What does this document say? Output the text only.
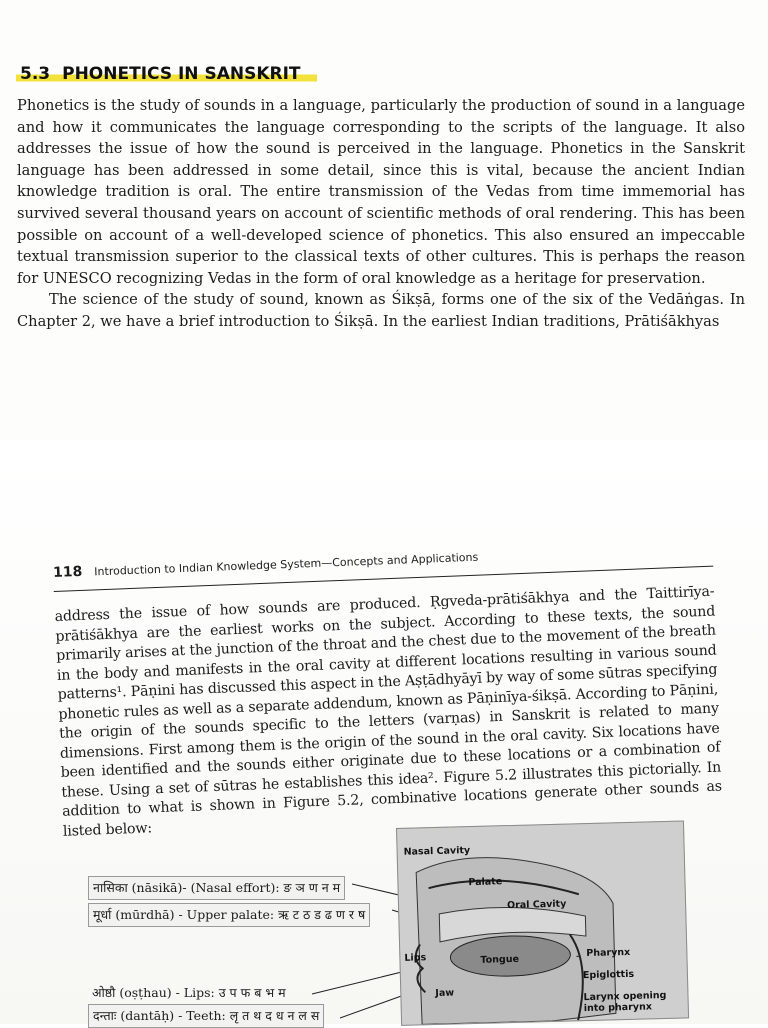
5.3 PHONETICS IN SANSKRIT

Phonetics is the study of sounds in a language, particularly the production of sound in a language and how it communicates the language corresponding to the scripts of the language. It also addresses the issue of how the sound is perceived in the language. Phonetics in the Sanskrit language has been addressed in some detail, since this is vital, because the ancient Indian knowledge tradition is oral. The entire transmission of the Vedas from time immemorial has survived several thousand years on account of scientific methods of oral rendering. This has been possible on account of a well-developed science of phonetics. This also ensured an impeccable textual transmission superior to the classical texts of other cultures. This is perhaps the reason for UNESCO recognizing Vedas in the form of oral knowledge as a heritage for preservation.

The science of the study of sound, known as Śikṣā, forms one of the six of the Vedāṅgas. In Chapter 2, we have a brief introduction to Śikṣā. In the earliest Indian traditions, Prātiśākhyas

118 Introduction to Indian Knowledge System—Concepts and Applications

address the issue of how sounds are produced. Ṛgveda-prātiśākhya and the Taittirīya-prātiśākhya are the earliest works on the subject. According to these texts, the sound primarily arises at the junction of the throat and the chest due to the movement of the breath in the body and manifests in the oral cavity at different locations resulting in various sound patterns¹. Pāṇini has discussed this aspect in the Aṣṭādhyāyī by way of some sūtras specifying phonetic rules as well as a separate addendum, known as Pāṇinīya-śikṣā. According to Pāṇini, the origin of the sounds specific to the letters (varṇas) in Sanskrit is related to many dimensions. First among them is the origin of the sound in the oral cavity. Six locations have been identified and the sounds either originate due to these locations or a combination of these. Using a set of sūtras he establishes this idea². Figure 5.2 illustrates this pictorially. In addition to what is shown in Figure 5.2, combinative locations generate other sounds as listed below:

नासिका (nāsikā)- (Nasal effort): ङ ञ ण न म
मूर्धा (mūrdhā) - Upper palate: ऋ ट ठ ड ढ ण र ष
ओष्ठौ (oṣṭhau) - Lips: उ प फ ब भ म
दन्ताः (dantāḥ) - Teeth: लृ त थ द ध न ल स
Nasal Cavity
Palate
Oral Cavity
Lips	Tongue
Jaw
Pharynx
Epiglottis
Larynx opening into pharynx
